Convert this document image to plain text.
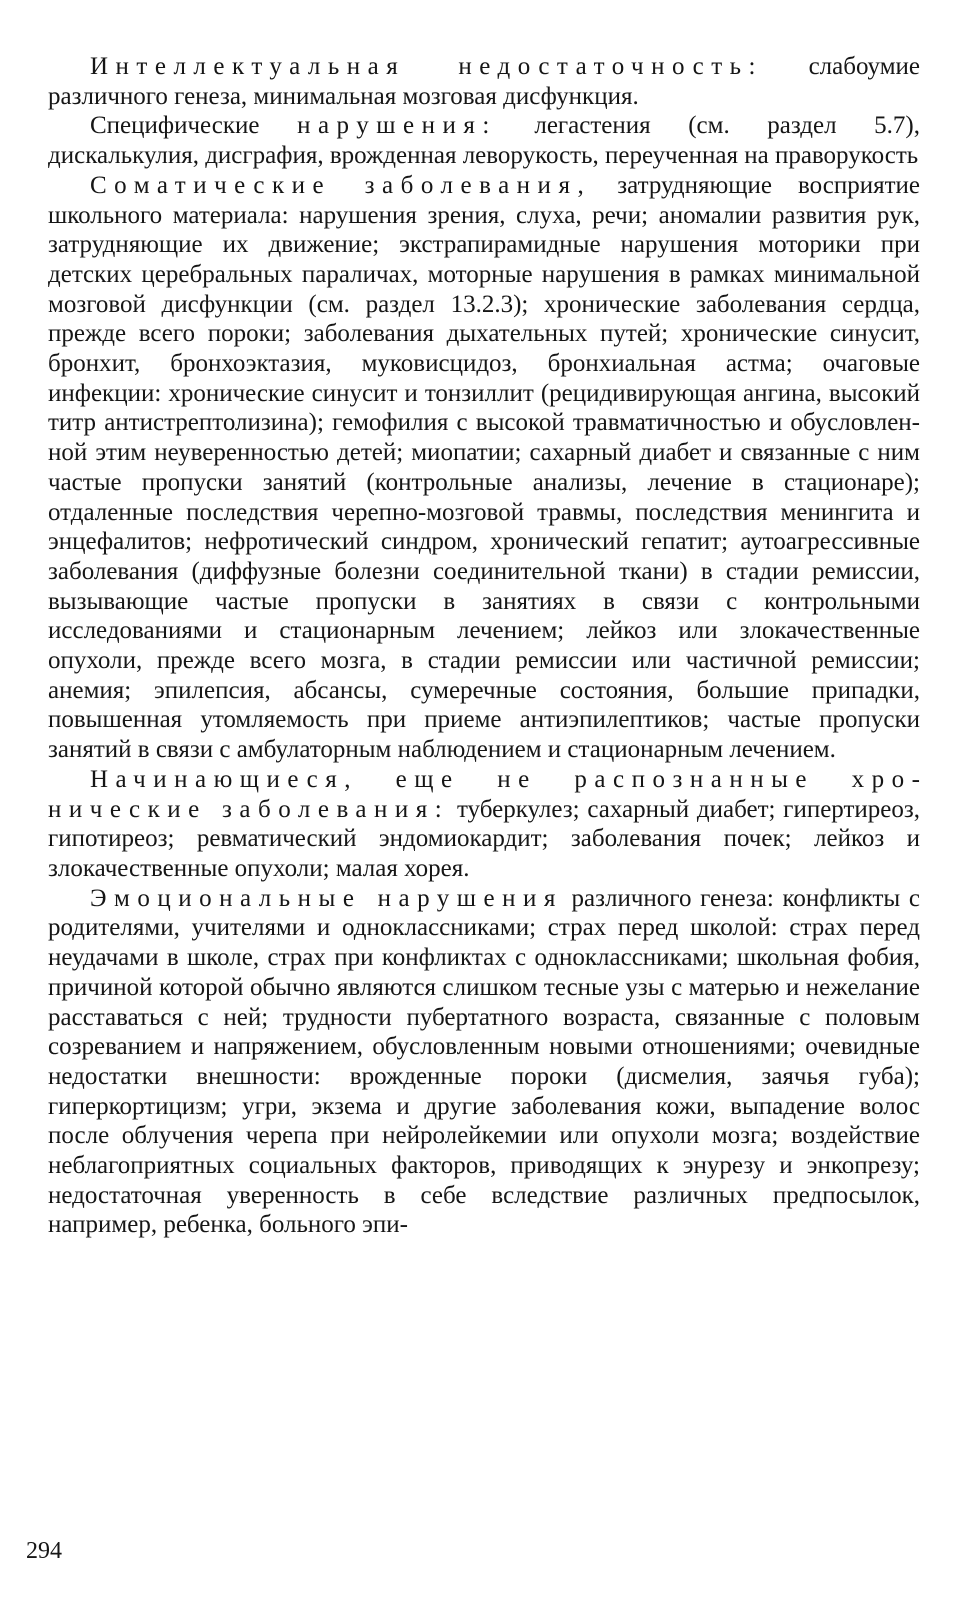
Интеллектуальная недостаточность: слабоумие различного генеза, минимальная мозговая дисфункция.

Специфические нарушения: легастения (см. раздел 5.7), дискалькулия, дисграфия, врожденная леворукость, переученная на праворукость

Соматические заболевания, затрудняющие восприятие школьного материала: нарушения зрения, слуха, речи; аномалии развития рук, затрудняющие их движение; экстрапирамидные нарушения моторики при детских церебральных параличах, моторные нарушения в рамках минимальной мозговой дисфункции (см. раздел 13.2.3); хронические заболевания сердца, прежде всего пороки; заболевания дыхательных путей; хронические синусит, бронхит, бронхоэктазия, муковисцидоз, бронхиальная астма; очаговые инфекции: хронические синусит и тонзиллит (рецидивирующая ангина, высокий титр антистрептолизина); гемофилия с высокой травматичностью и обусловленной этим неуверенностью детей; миопатии; сахарный диабет и связанные с ним частые пропуски занятий (контрольные анализы, лечение в стационаре); отдаленные последствия черепно-мозговой травмы, последствия менингита и энцефалитов; нефротический синдром, хронический гепатит; аутоагрессивные заболевания (диффузные болезни соединительной ткани) в стадии ремиссии, вызывающие частые пропуски в занятиях в связи с контрольными исследованиями и стационарным лечением; лейкоз или злокачественные опухоли, прежде всего мозга, в стадии ремиссии или частичной ремиссии; анемия; эпилепсия, абсансы, сумеречные состояния, большие припадки, повышенная утомляемость при приеме антиэпилептиков; частые пропуски занятий в связи с амбулаторным наблюдением и стационарным лечением.

Начинающиеся, еще не распознанные хронические заболевания: туберкулез; сахарный диабет; гипертиреоз, гипотиреоз; ревматический эндомиокардит; заболевания почек; лейкоз и злокачественные опухоли; малая хорея.

Эмоциональные нарушения различного генеза: конфликты с родителями, учителями и одноклассниками; страх перед школой: страх перед неудачами в школе, страх при конфликтах с одноклассниками; школьная фобия, причиной которой обычно являются слишком тесные узы с матерью и нежeлание расставаться с ней; трудности пубертатного возраста, связанные с половым созреванием и напряжением, обусловленным новыми отношениями; очевидные недостатки внешности: врожденные пороки (дисмелия, заячья губа); гиперкортицизм; угри, экзема и другие заболевания кожи, выпадение волос после облучения черепа при нейролейкемии или опухоли мозга; воздействие неблагоприятных социальных факторов, приводящих к энурезу и энкопрезу; недостаточная уверенность в себе вследствие различных предпосылок, например, ребенка, больного эпи-

294
